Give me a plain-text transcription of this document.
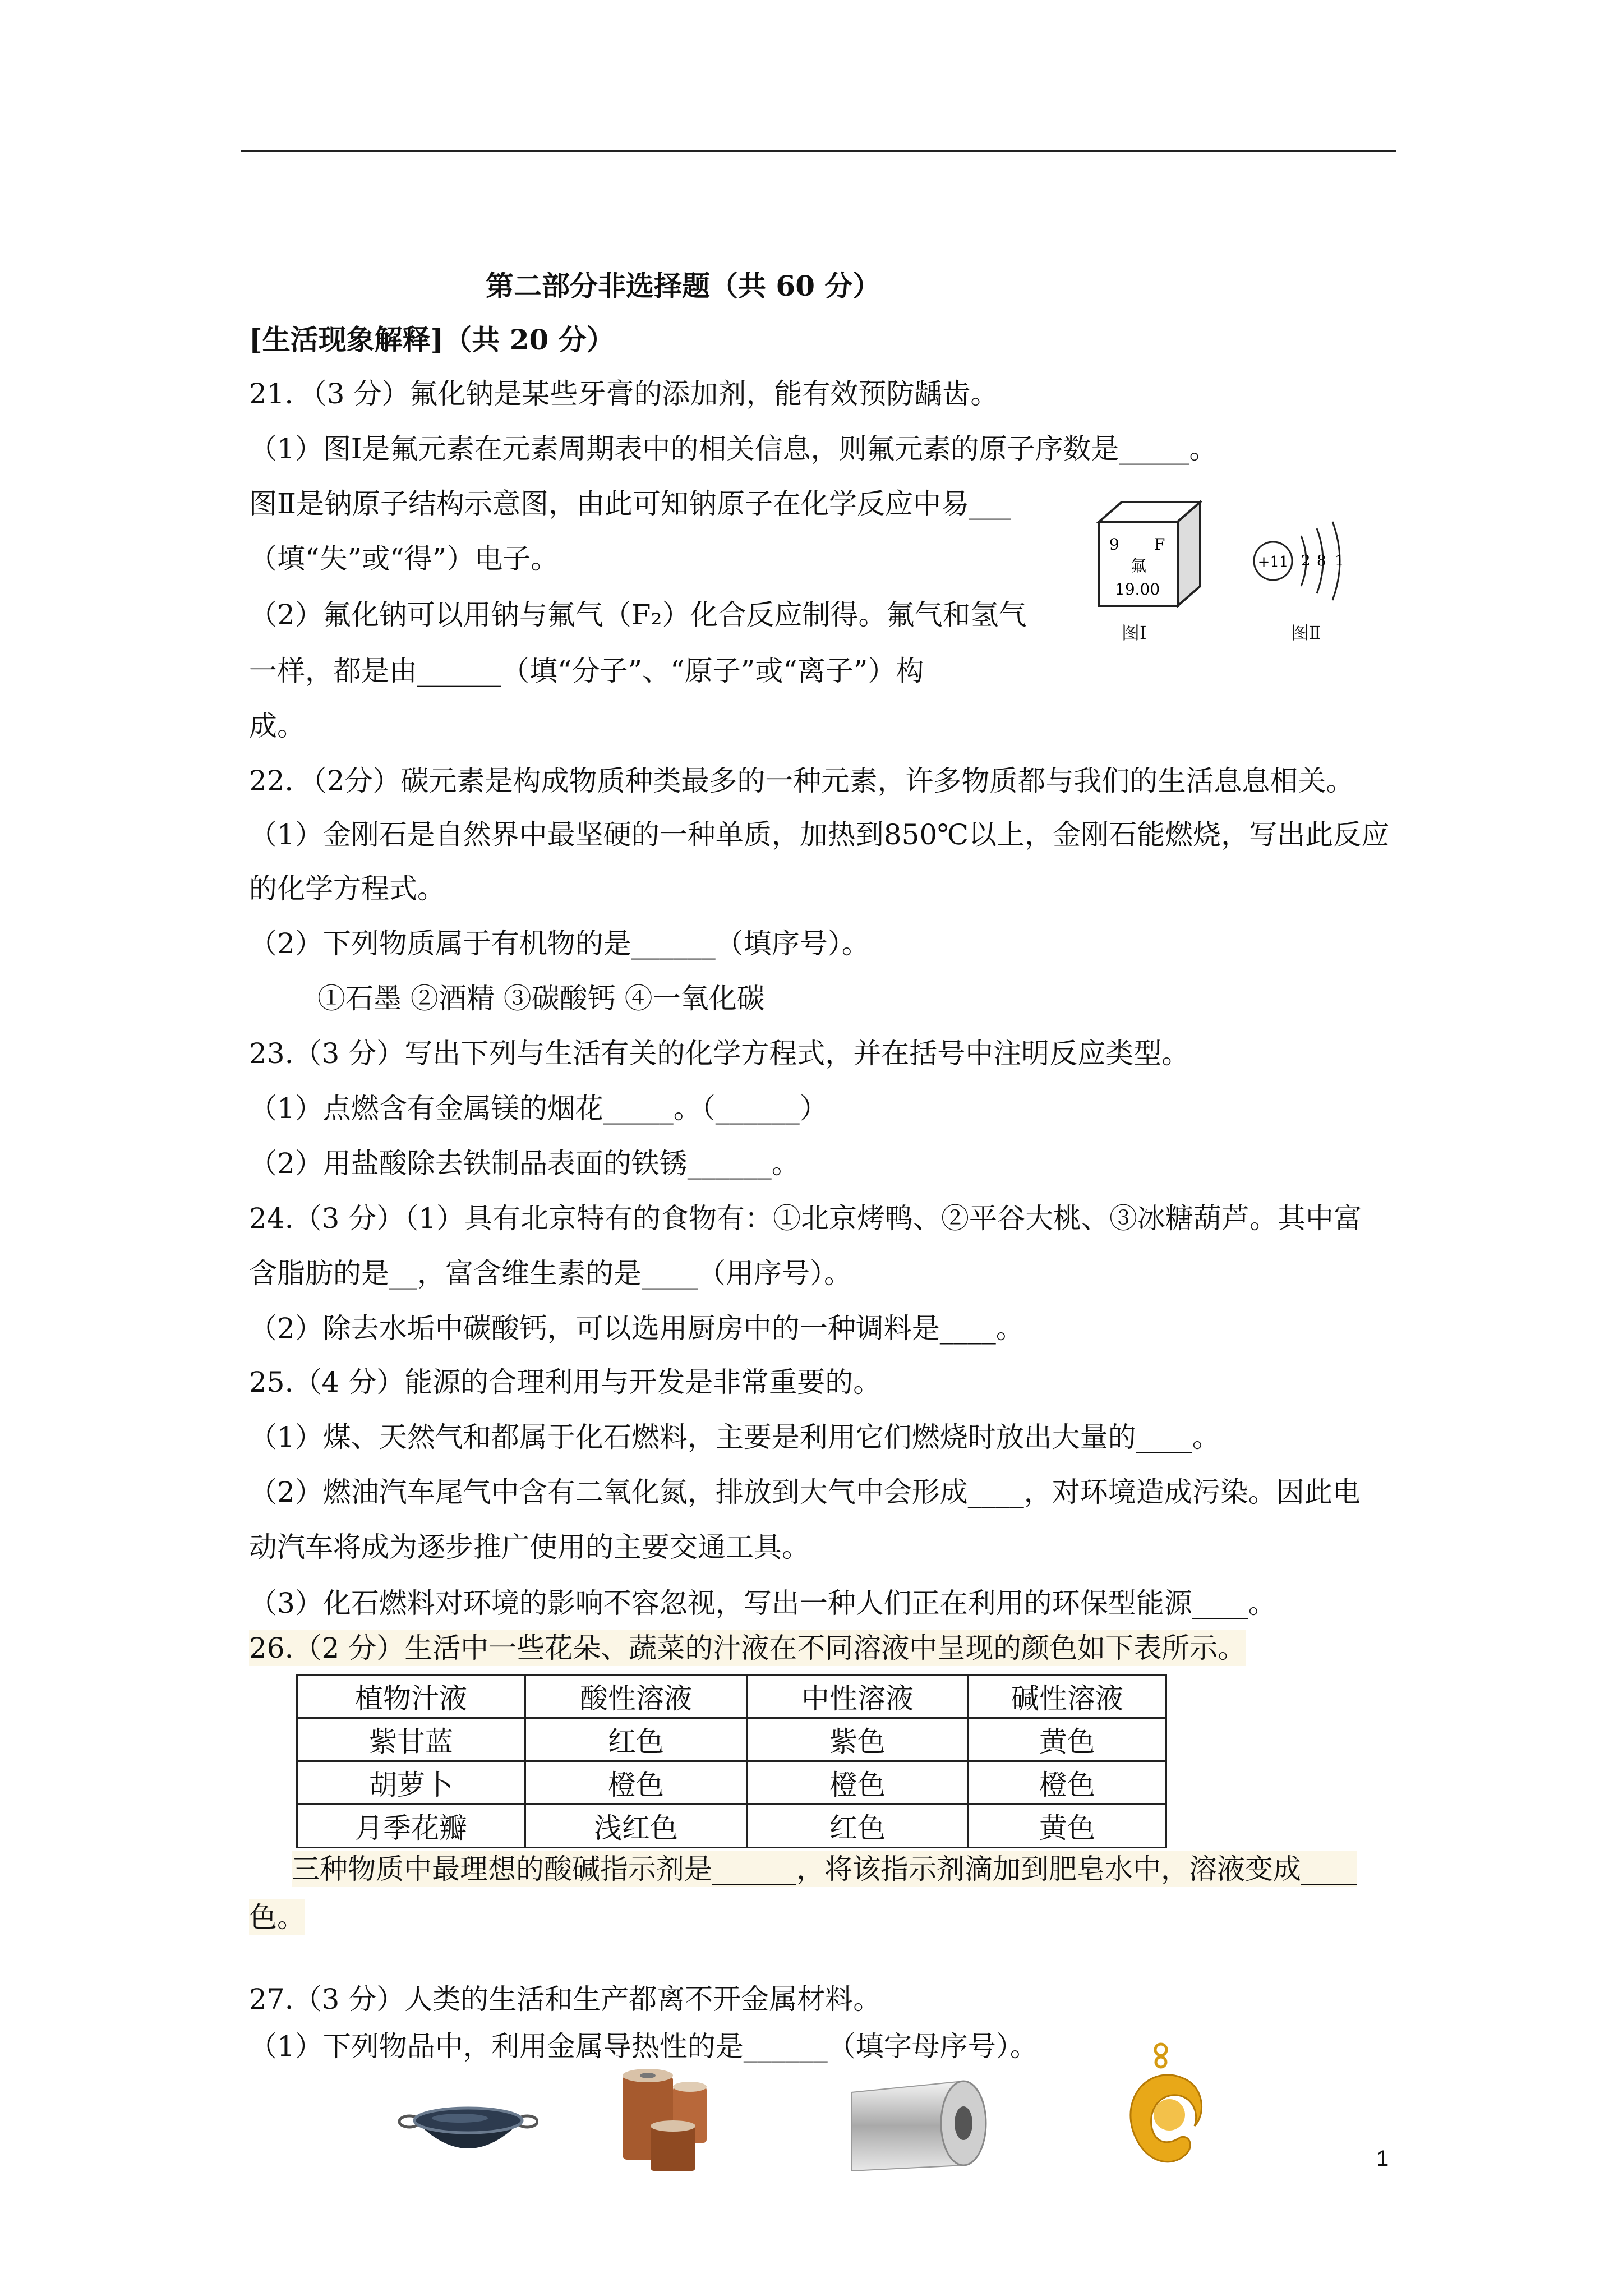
第二部分非选择题（共 60 分）
[生活现象解释]（共 20 分）
21．（3 分）氟化钠是某些牙膏的添加剂，能有效预防龋齿。
（1）图Ⅰ是氟元素在元素周期表中的相关信息，则氟元素的原子序数是_____。
图Ⅱ是钠原子结构示意图，由此可知钠原子在化学反应中易___
（填“失”或“得”）电子。
（2）氟化钠可以用钠与氟气（F₂）化合反应制得。氟气和氢气
一样，都是由______（填“分子”、“原子”或“离子”）构
成。
9 F
氟
19.00
图Ⅰ
+11 2 8 1
图Ⅱ
22．（2分）碳元素是构成物质种类最多的一种元素，许多物质都与我们的生活息息相关。
（1）金刚石是自然界中最坚硬的一种单质，加热到850℃以上，金刚石能燃烧，写出此反应
的化学方程式。
（2）下列物质属于有机物的是______（填序号）。
①石墨 ②酒精 ③碳酸钙 ④一氧化碳
23.（3 分）写出下列与生活有关的化学方程式，并在括号中注明反应类型。
（1）点燃含有金属镁的烟花_____。（______）
（2）用盐酸除去铁制品表面的铁锈______。
24.（3 分）（1）具有北京特有的食物有：①北京烤鸭、②平谷大桃、③冰糖葫芦。其中富
含脂肪的是__，富含维生素的是____（用序号）。
（2）除去水垢中碳酸钙，可以选用厨房中的一种调料是____。
25.（4 分）能源的合理利用与开发是非常重要的。
（1）煤、天然气和都属于化石燃料，主要是利用它们燃烧时放出大量的____。
（2）燃油汽车尾气中含有二氧化氮，排放到大气中会形成____，对环境造成污染。因此电
动汽车将成为逐步推广使用的主要交通工具。
（3）化石燃料对环境的影响不容忽视，写出一种人们正在利用的环保型能源____。
26.（2 分）生活中一些花朵、蔬菜的汁液在不同溶液中呈现的颜色如下表所示。
植物汁液	酸性溶液	中性溶液	碱性溶液
紫甘蓝	红色	紫色	黄色
胡萝卜	橙色	橙色	橙色
月季花瓣	浅红色	红色	黄色
三种物质中最理想的酸碱指示剂是______，将该指示剂滴加到肥皂水中，溶液变成____
色。
27.（3 分）人类的生活和生产都离不开金属材料。
（1）下列物品中，利用金属导热性的是______（填字母序号）。
1
